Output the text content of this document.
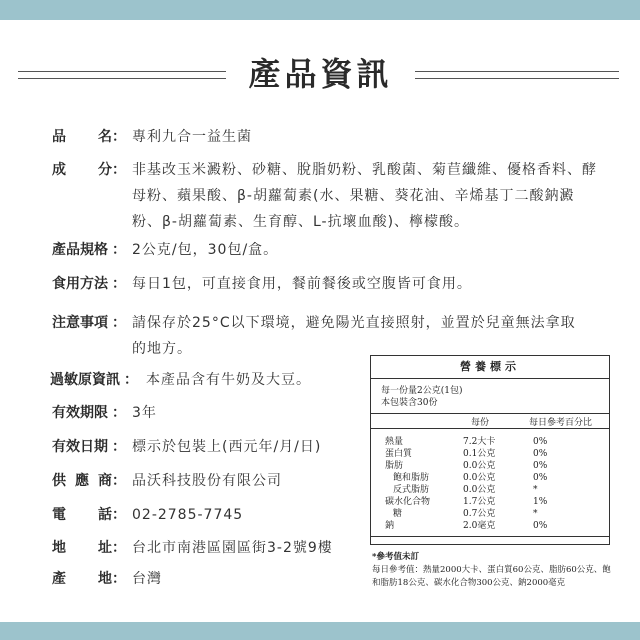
產品資訊
品 名 ： 專利九合一益生菌
成 分 ： 非基改玉米澱粉、砂糖、脫脂奶粉、乳酸菌、菊苣纖維、優格香料、酵母粉、蘋果酸、β-胡蘿蔔素(水、果糖、葵花油、辛烯基丁二酸鈉澱粉、β-胡蘿蔔素、生育醇、L-抗壞血酸)、檸檬酸。
產品規格 ： 2公克/包，30包/盒。
食用方法 ： 每日1包，可直接食用，餐前餐後或空腹皆可食用。
注意事項 ： 請保存於25°C以下環境，避免陽光直接照射，並置於兒童無法拿取的地方。
過敏原資訊 ： 本產品含有牛奶及大豆。
有效期限 ： 3年
有效日期 ： 標示於包裝上(西元年/月/日)
供 應 商 ： 品沃科技股份有限公司
電 話 ： 02-2785-7745
地 址 ： 台北市南港區園區街3-2號9樓
產 地 ： 台灣
營養標示
每一份量2公克(1包)
本包裝含30份
每份	每日參考百分比
熱量	7.2大卡	0%
蛋白質	0.1公克	0%
脂肪	0.0公克	0%
飽和脂肪	0.0公克	0%
反式脂肪	0.0公克	*
碳水化合物	1.7公克	1%
糖	0.7公克	*
鈉	2.0毫克	0%
*參考值未訂
每日參考值：熱量2000大卡、蛋白質60公克、脂肪60公克、飽和脂肪18公克、碳水化合物300公克、鈉2000毫克
